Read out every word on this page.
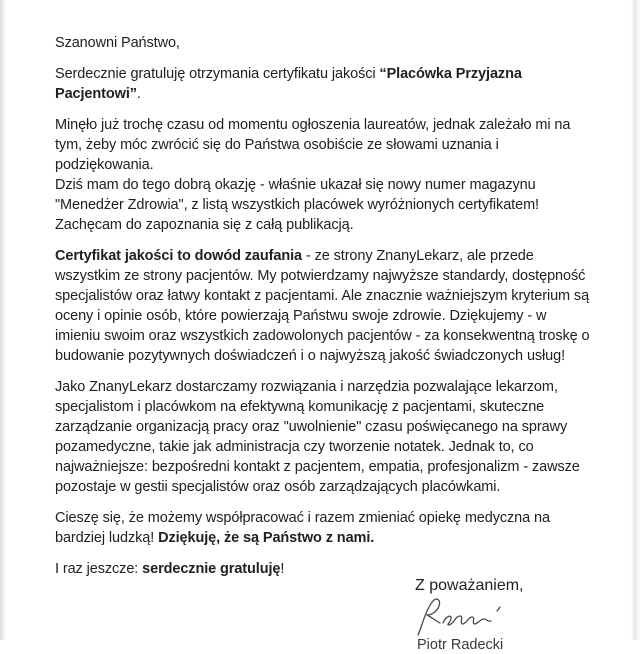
Szanowni Państwo,
Serdecznie gratuluję otrzymania certyfikatu jakości “Placówka Przyjazna Pacjentowi”.
Minęło już trochę czasu od momentu ogłoszenia laureatów, jednak zależało mi na tym, żeby móc zwrócić się do Państwa osobiście ze słowami uznania i podziękowania.
Dziś mam do tego dobrą okazję - właśnie ukazał się nowy numer magazynu "Menedżer Zdrowia", z listą wszystkich placówek wyróżnionych certyfikatem!
Zachęcam do zapoznania się z całą publikacją.
Certyfikat jakości to dowód zaufania - ze strony ZnanyLekarz, ale przede wszystkim ze strony pacjentów. My potwierdzamy najwyższe standardy, dostępność specjalistów oraz łatwy kontakt z pacjentami. Ale znacznie ważniejszym kryterium są oceny i opinie osób, które powierzają Państwu swoje zdrowie. Dziękujemy - w imieniu swoim oraz wszystkich zadowolonych pacjentów - za konsekwentną troskę o budowanie pozytywnych doświadczeń i o najwyższą jakość świadczonych usług!
Jako ZnanyLekarz dostarczamy rozwiązania i narzędzia pozwalające lekarzom, specjalistom i placówkom na efektywną komunikację z pacjentami, skuteczne zarządzanie organizacją pracy oraz "uwolnienie" czasu poświęcanego na sprawy pozamedyczne, takie jak administracja czy tworzenie notatek. Jednak to, co najważniejsze: bezpośredni kontakt z pacjentem, empatia, profesjonalizm - zawsze pozostaje w gestii specjalistów oraz osób zarządzających placówkami.
Cieszę się, że możemy współpracować i razem zmieniać opiekę medyczna na bardziej ludzką! Dziękuję, że są Państwo z nami.
I raz jeszcze: serdecznie gratuluję!
Z poważaniem,
Piotr Radecki
